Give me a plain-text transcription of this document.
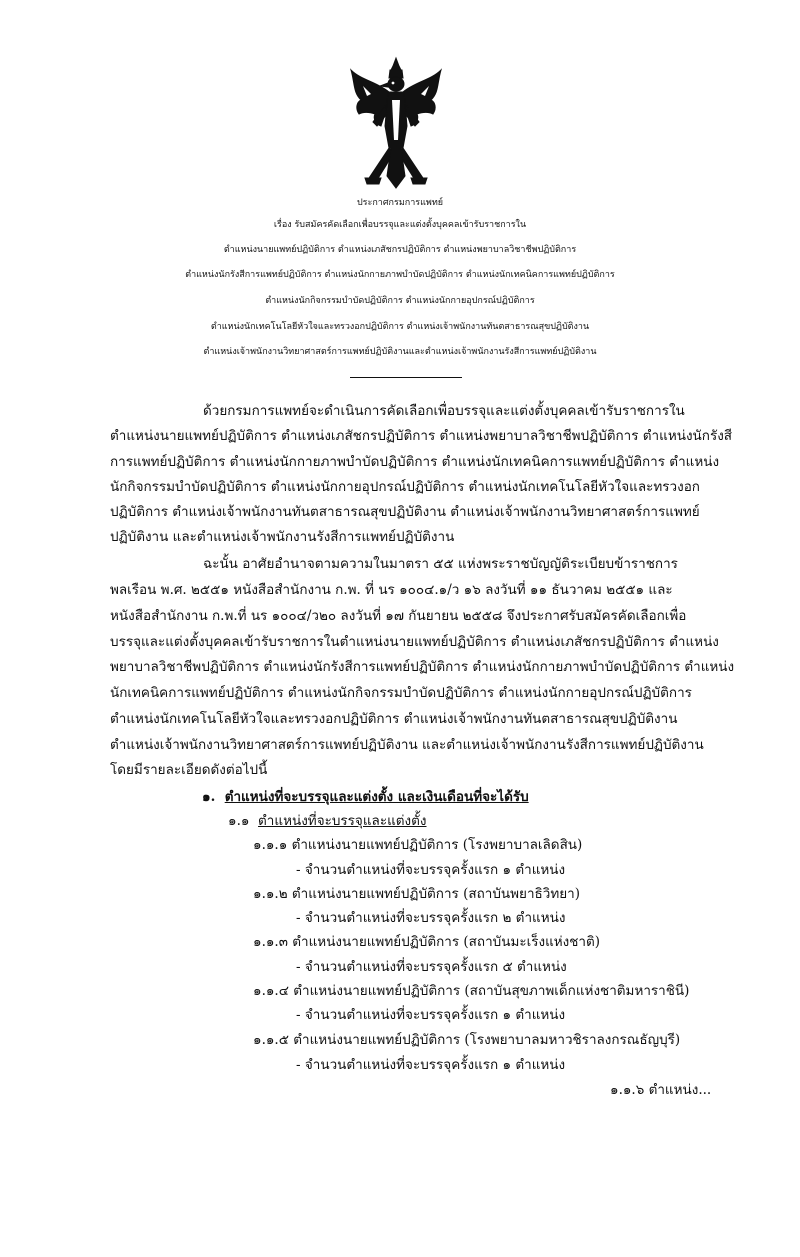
ประกาศกรมการแพทย์
เรื่อง รับสมัครคัดเลือกเพื่อบรรจุและแต่งตั้งบุคคลเข้ารับราชการใน
ตำแหน่งนายแพทย์ปฏิบัติการ ตำแหน่งเภสัชกรปฏิบัติการ ตำแหน่งพยาบาลวิชาชีพปฏิบัติการ
ตำแหน่งนักรังสีการแพทย์ปฏิบัติการ ตำแหน่งนักกายภาพบำบัดปฏิบัติการ ตำแหน่งนักเทคนิคการแพทย์ปฏิบัติการ
ตำแหน่งนักกิจกรรมบำบัดปฏิบัติการ ตำแหน่งนักกายอุปกรณ์ปฏิบัติการ
ตำแหน่งนักเทคโนโลยีหัวใจและทรวงอกปฏิบัติการ ตำแหน่งเจ้าพนักงานทันตสาธารณสุขปฏิบัติงาน
ตำแหน่งเจ้าพนักงานวิทยาศาสตร์การแพทย์ปฏิบัติงานและตำแหน่งเจ้าพนักงานรังสีการแพทย์ปฏิบัติงาน
ด้วยกรมการแพทย์จะดำเนินการคัดเลือกเพื่อบรรจุและแต่งตั้งบุคคลเข้ารับราชการใน
ตำแหน่งนายแพทย์ปฏิบัติการ ตำแหน่งเภสัชกรปฏิบัติการ ตำแหน่งพยาบาลวิชาชีพปฏิบัติการ ตำแหน่งนักรังสี
การแพทย์ปฏิบัติการ ตำแหน่งนักกายภาพบำบัดปฏิบัติการ ตำแหน่งนักเทคนิคการแพทย์ปฏิบัติการ ตำแหน่ง
นักกิจกรรมบำบัดปฏิบัติการ ตำแหน่งนักกายอุปกรณ์ปฏิบัติการ ตำแหน่งนักเทคโนโลยีหัวใจและทรวงอก
ปฏิบัติการ ตำแหน่งเจ้าพนักงานทันตสาธารณสุขปฏิบัติงาน ตำแหน่งเจ้าพนักงานวิทยาศาสตร์การแพทย์
ปฏิบัติงาน และตำแหน่งเจ้าพนักงานรังสีการแพทย์ปฏิบัติงาน
ฉะนั้น อาศัยอำนาจตามความในมาตรา ๕๕ แห่งพระราชบัญญัติระเบียบข้าราชการ
พลเรือน พ.ศ. ๒๕๕๑ หนังสือสำนักงาน ก.พ. ที่ นร ๑๐๐๔.๑/ว ๑๖ ลงวันที่ ๑๑ ธันวาคม ๒๕๕๑ และ
หนังสือสำนักงาน ก.พ.ที่ นร ๑๐๐๔/ว๒๐ ลงวันที่ ๑๗ กันยายน ๒๕๕๘ จึงประกาศรับสมัครคัดเลือกเพื่อ
บรรจุและแต่งตั้งบุคคลเข้ารับราชการในตำแหน่งนายแพทย์ปฏิบัติการ ตำแหน่งเภสัชกรปฏิบัติการ ตำแหน่ง
พยาบาลวิชาชีพปฏิบัติการ ตำแหน่งนักรังสีการแพทย์ปฏิบัติการ ตำแหน่งนักกายภาพบำบัดปฏิบัติการ ตำแหน่ง
นักเทคนิคการแพทย์ปฏิบัติการ ตำแหน่งนักกิจกรรมบำบัดปฏิบัติการ ตำแหน่งนักกายอุปกรณ์ปฏิบัติการ
ตำแหน่งนักเทคโนโลยีหัวใจและทรวงอกปฏิบัติการ ตำแหน่งเจ้าพนักงานทันตสาธารณสุขปฏิบัติงาน
ตำแหน่งเจ้าพนักงานวิทยาศาสตร์การแพทย์ปฏิบัติงาน และตำแหน่งเจ้าพนักงานรังสีการแพทย์ปฏิบัติงาน
โดยมีรายละเอียดดังต่อไปนี้
๑. ตำแหน่งที่จะบรรจุและแต่งตั้ง และเงินเดือนที่จะได้รับ
๑.๑ ตำแหน่งที่จะบรรจุและแต่งตั้ง
๑.๑.๑ ตำแหน่งนายแพทย์ปฏิบัติการ (โรงพยาบาลเลิดสิน)
- จำนวนตำแหน่งที่จะบรรจุครั้งแรก ๑ ตำแหน่ง
๑.๑.๒ ตำแหน่งนายแพทย์ปฏิบัติการ (สถาบันพยาธิวิทยา)
- จำนวนตำแหน่งที่จะบรรจุครั้งแรก ๒ ตำแหน่ง
๑.๑.๓ ตำแหน่งนายแพทย์ปฏิบัติการ (สถาบันมะเร็งแห่งชาติ)
- จำนวนตำแหน่งที่จะบรรจุครั้งแรก ๕ ตำแหน่ง
๑.๑.๔ ตำแหน่งนายแพทย์ปฏิบัติการ (สถาบันสุขภาพเด็กแห่งชาติมหาราชินี)
- จำนวนตำแหน่งที่จะบรรจุครั้งแรก ๑ ตำแหน่ง
๑.๑.๕ ตำแหน่งนายแพทย์ปฏิบัติการ (โรงพยาบาลมหาวชิราลงกรณธัญบุรี)
- จำนวนตำแหน่งที่จะบรรจุครั้งแรก ๑ ตำแหน่ง
๑.๑.๖ ตำแหน่ง...
